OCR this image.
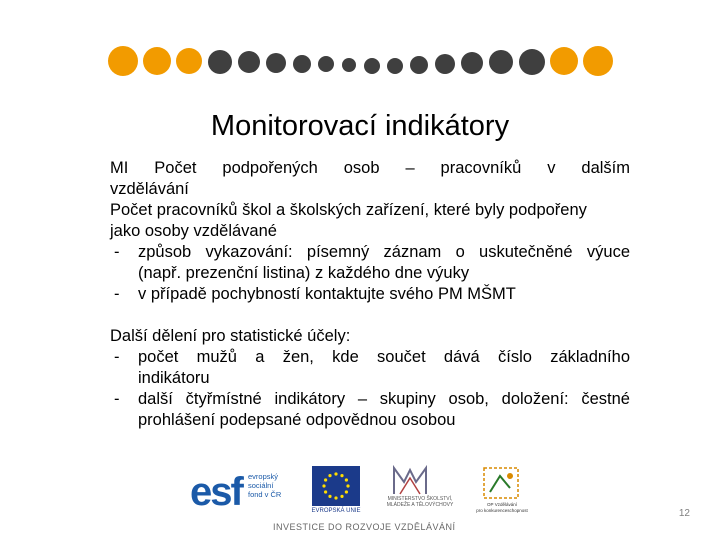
Monitorovací indikátory
MI Počet podpořených osob – pracovníků v dalším
vzdělávání
Počet pracovníků škol a školských zařízení, které byly podpořeny
jako osoby vzdělávané
- způsob vykazování: písemný záznam o uskutečněné výuce
(např. prezenční listina) z každého dne výuky
- v případě pochybností kontaktujte svého PM MŠMT
Další dělení pro statistické účely:
- počet mužů a žen, kde součet dává číslo základního
indikátoru
- další čtyřmístné indikátory – skupiny osob, doložení: čestné
prohlášení podepsané odpovědnou osobou
esf evropský
sociální
fond v ČR
EVROPSKÁ UNIE
MINISTERSTVO ŠKOLSTVÍ,
MLÁDEŽE A TĚLOVÝCHOVY	OP Vzdělávání
pro konkurenceschopnost
INVESTICE DO ROZVOJE VZDĚLÁVÁNÍ
12
